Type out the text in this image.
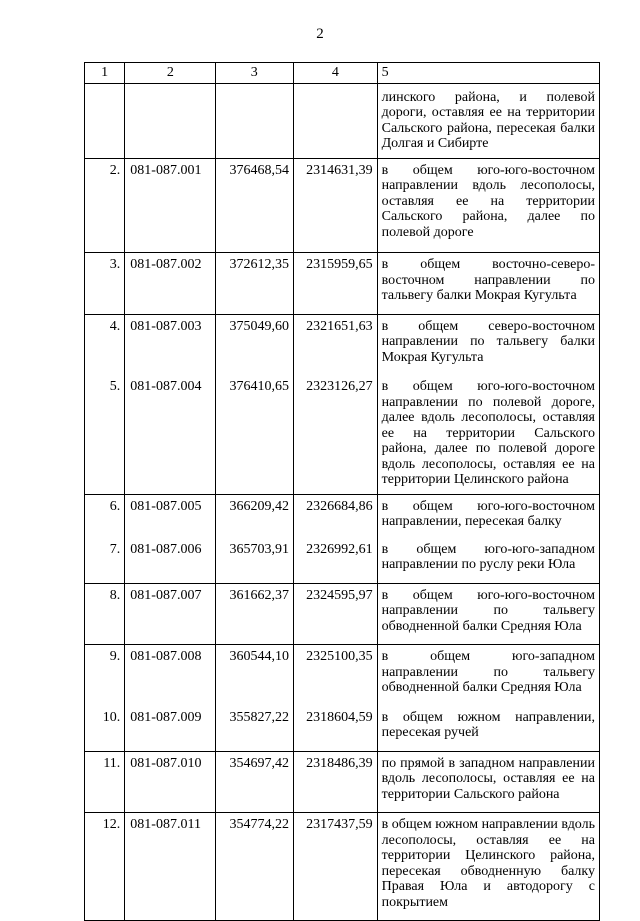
2
1	2	3	4	5
				линского района, и полевой дороги, оставляя ее на территории Сальского района, пересекая балки Долгая и Сибирте
2.	081-087.001	376468,54	2314631,39	в общем юго-юго-восточном направлении вдоль лесополосы, оставляя ее на территории Сальского района, далее по полевой дороге
3.	081-087.002	372612,35	2315959,65	в общем восточно-северо-восточном направлении по тальвегу балки Мокрая Кугульта
4.	081-087.003	375049,60	2321651,63	в общем северо-восточном направлении по тальвегу балки Мокрая Кугульта
5.	081-087.004	376410,65	2323126,27	в общем юго-юго-восточном направлении по полевой дороге, далее вдоль лесополосы, оставляя ее на территории Сальского района, далее по полевой дороге вдоль лесополосы, оставляя ее на территории Целинского района
6.	081-087.005	366209,42	2326684,86	в общем юго-юго-восточном направлении, пересекая балку
7.	081-087.006	365703,91	2326992,61	в общем юго-юго-западном направлении по руслу реки Юла
8.	081-087.007	361662,37	2324595,97	в общем юго-юго-восточном направлении по тальвегу обводненной балки Средняя Юла
9.	081-087.008	360544,10	2325100,35	в общем юго-западном направлении по тальвегу обводненной балки Средняя Юла
10.	081-087.009	355827,22	2318604,59	в общем южном направлении, пересекая ручей
11.	081-087.010	354697,42	2318486,39	по прямой в западном направлении вдоль лесополосы, оставляя ее на территории Сальского района
12.	081-087.011	354774,22	2317437,59	в общем южном направлении вдоль лесополосы, оставляя ее на территории Целинского района, пересекая обводненную балку Правая Юла и автодорогу с покрытием
